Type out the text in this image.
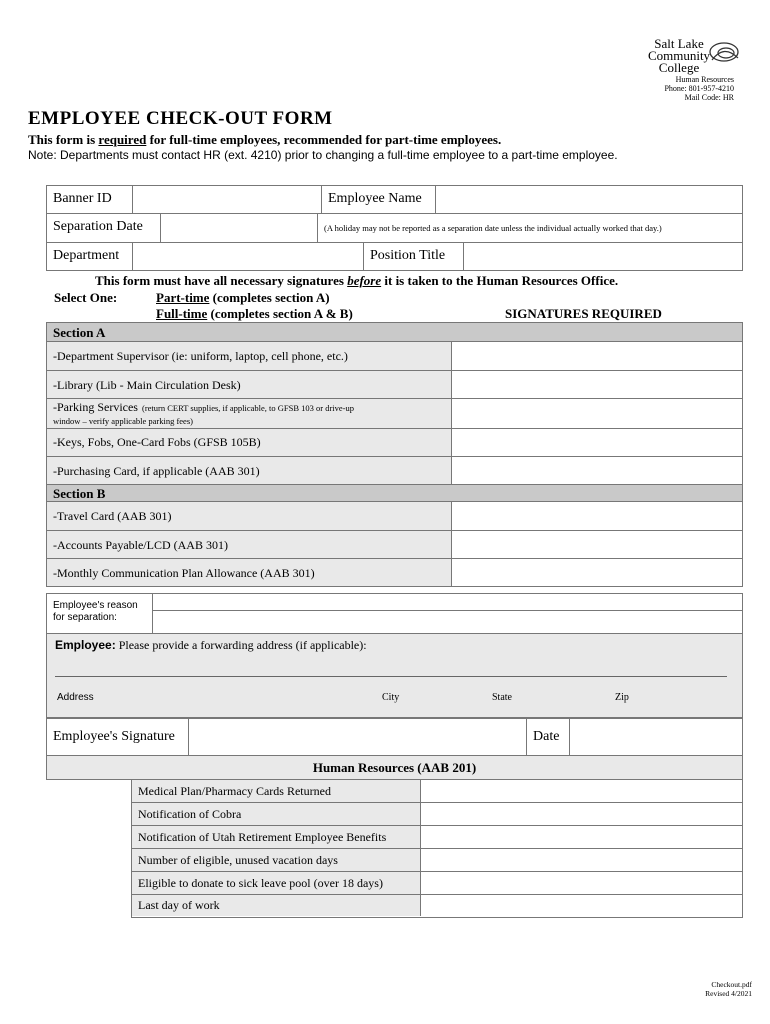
Salt Lake
Community
College
Human Resources
Phone: 801-957-4210
Mail Code: HR
EMPLOYEE CHECK-OUT FORM
This form is required for full-time employees, recommended for part-time employees.
Note: Departments must contact HR (ext. 4210) prior to changing a full-time employee to a part-time employee.
Banner ID	Employee Name
Separation Date	(A holiday may not be reported as a separation date unless the individual actually worked that day.)
Department	Position Title
This form must have all necessary signatures before it is taken to the Human Resources Office.
Select One:	Part-time (completes section A)
Full-time (completes section A & B)	SIGNATURES REQUIRED
Section A
-Department Supervisor (ie: uniform, laptop, cell phone, etc.)
-Library (Lib - Main Circulation Desk)
-Parking Services (return CERT supplies, if applicable, to GFSB 103 or drive-up
window – verify applicable parking fees)
-Keys, Fobs, One-Card Fobs (GFSB 105B)
-Purchasing Card, if applicable (AAB 301)
Section B
-Travel Card (AAB 301)
-Accounts Payable/LCD (AAB 301)
-Monthly Communication Plan Allowance (AAB 301)
Employee's reason
for separation:
Employee: Please provide a forwarding address (if applicable):
Address	City	State	Zip
Employee's Signature	Date
Human Resources (AAB 201)
Medical Plan/Pharmacy Cards Returned
Notification of Cobra
Notification of Utah Retirement Employee Benefits
Number of eligible, unused vacation days
Eligible to donate to sick leave pool (over 18 days)
Last day of work
Checkout.pdf
Revised 4/2021
